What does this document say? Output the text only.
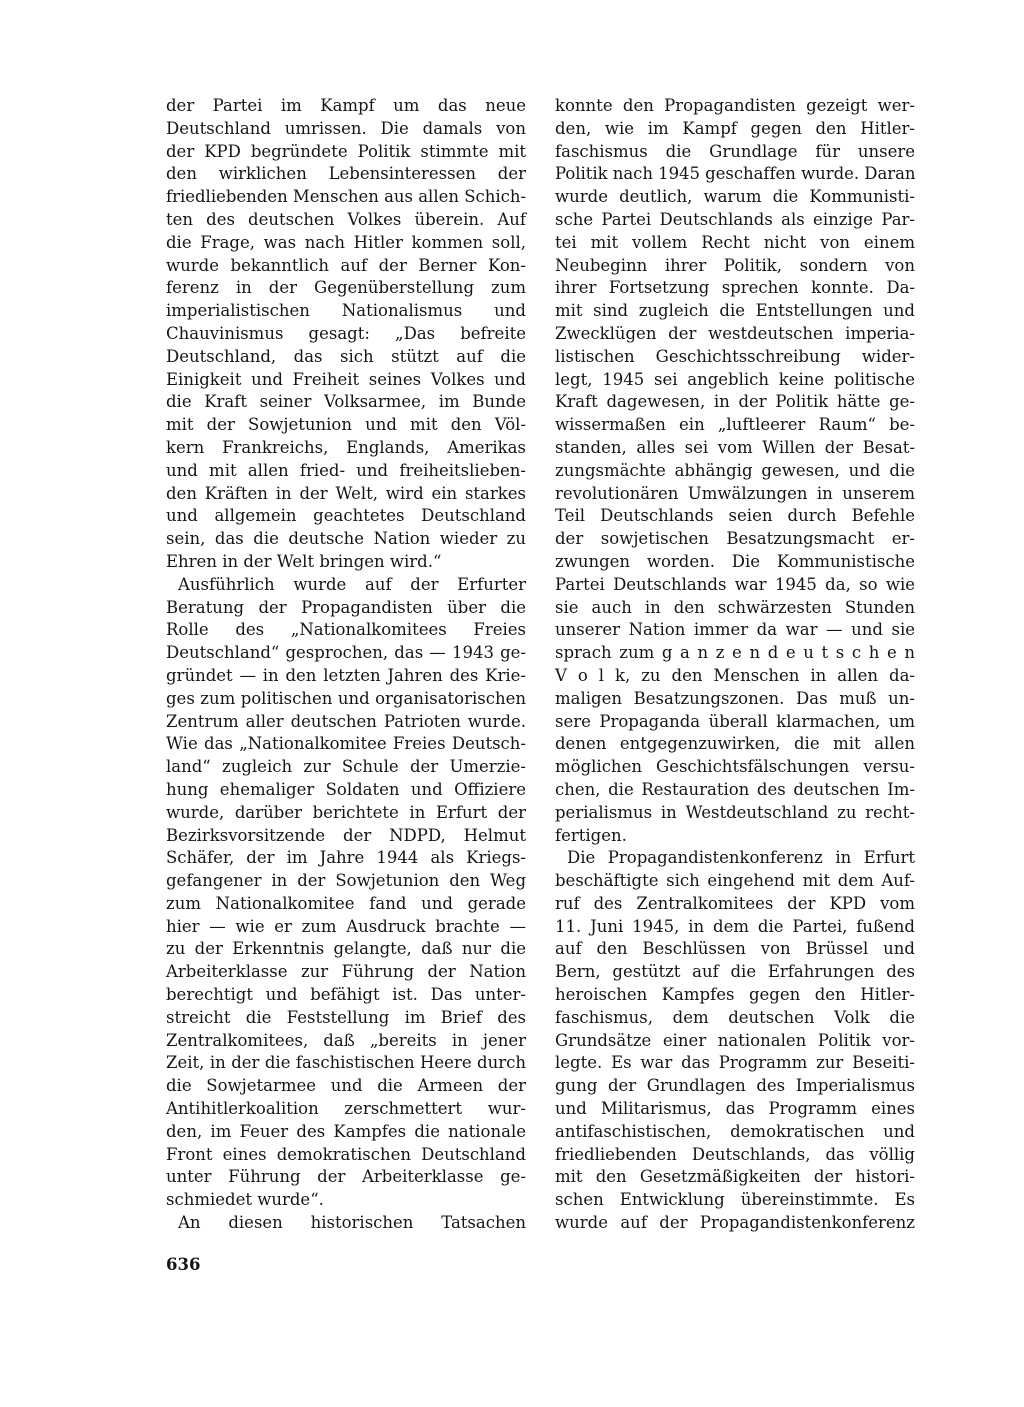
der Partei im Kampf um das neue
Deutschland umrissen. Die damals von
der KPD begründete Politik stimmte mit
den wirklichen Lebensinteressen der
friedliebenden Menschen aus allen Schich-
ten des deutschen Volkes überein. Auf
die Frage, was nach Hitler kommen soll,
wurde bekanntlich auf der Berner Kon-
ferenz in der Gegenüberstellung zum
imperialistischen Nationalismus und
Chauvinismus gesagt: „Das befreite
Deutschland, das sich stützt auf die
Einigkeit und Freiheit seines Volkes und
die Kraft seiner Volksarmee, im Bunde
mit der Sowjetunion und mit den Völ-
kern Frankreichs, Englands, Amerikas
und mit allen fried- und freiheitslieben-
den Kräften in der Welt, wird ein starkes
und allgemein geachtetes Deutschland
sein, das die deutsche Nation wieder zu
Ehren in der Welt bringen wird.“
Ausführlich wurde auf der Erfurter
Beratung der Propagandisten über die
Rolle des „Nationalkomitees Freies
Deutschland“ gesprochen, das — 1943 ge-
gründet — in den letzten Jahren des Krie-
ges zum politischen und organisatorischen
Zentrum aller deutschen Patrioten wurde.
Wie das „Nationalkomitee Freies Deutsch-
land“ zugleich zur Schule der Umerzie-
hung ehemaliger Soldaten und Offiziere
wurde, darüber berichtete in Erfurt der
Bezirksvorsitzende der NDPD, Helmut
Schäfer, der im Jahre 1944 als Kriegs-
gefangener in der Sowjetunion den Weg
zum Nationalkomitee fand und gerade
hier — wie er zum Ausdruck brachte —
zu der Erkenntnis gelangte, daß nur die
Arbeiterklasse zur Führung der Nation
berechtigt und befähigt ist. Das unter-
streicht die Feststellung im Brief des
Zentralkomitees, daß „bereits in jener
Zeit, in der die faschistischen Heere durch
die Sowjetarmee und die Armeen der
Antihitlerkoalition zerschmettert wur-
den, im Feuer des Kampfes die nationale
Front eines demokratischen Deutschland
unter Führung der Arbeiterklasse ge-
schmiedet wurde“.
An diesen historischen Tatsachen
konnte den Propagandisten gezeigt wer-
den, wie im Kampf gegen den Hitler-
faschismus die Grundlage für unsere
Politik nach 1945 geschaffen wurde. Daran
wurde deutlich, warum die Kommunisti-
sche Partei Deutschlands als einzige Par-
tei mit vollem Recht nicht von einem
Neubeginn ihrer Politik, sondern von
ihrer Fortsetzung sprechen konnte. Da-
mit sind zugleich die Entstellungen und
Zwecklügen der westdeutschen imperia-
listischen Geschichtsschreibung wider-
legt, 1945 sei angeblich keine politische
Kraft dagewesen, in der Politik hätte ge-
wissermaßen ein „luftleerer Raum“ be-
standen, alles sei vom Willen der Besat-
zungsmächte abhängig gewesen, und die
revolutionären Umwälzungen in unserem
Teil Deutschlands seien durch Befehle
der sowjetischen Besatzungsmacht er-
zwungen worden. Die Kommunistische
Partei Deutschlands war 1945 da, so wie
sie auch in den schwärzesten Stunden
unserer Nation immer da war — und sie
sprach zum g a n z e n d e u t s c h e n
V o l k, zu den Menschen in allen da-
maligen Besatzungszonen. Das muß un-
sere Propaganda überall klarmachen, um
denen entgegenzuwirken, die mit allen
möglichen Geschichtsfälschungen versu-
chen, die Restauration des deutschen Im-
perialismus in Westdeutschland zu recht-
fertigen.
Die Propagandistenkonferenz in Erfurt
beschäftigte sich eingehend mit dem Auf-
ruf des Zentralkomitees der KPD vom
11. Juni 1945, in dem die Partei, fußend
auf den Beschlüssen von Brüssel und
Bern, gestützt auf die Erfahrungen des
heroischen Kampfes gegen den Hitler-
faschismus, dem deutschen Volk die
Grundsätze einer nationalen Politik vor-
legte. Es war das Programm zur Beseiti-
gung der Grundlagen des Imperialismus
und Militarismus, das Programm eines
antifaschistischen, demokratischen und
friedliebenden Deutschlands, das völlig
mit den Gesetzmäßigkeiten der histori-
schen Entwicklung übereinstimmte. Es
wurde auf der Propagandistenkonferenz
636
